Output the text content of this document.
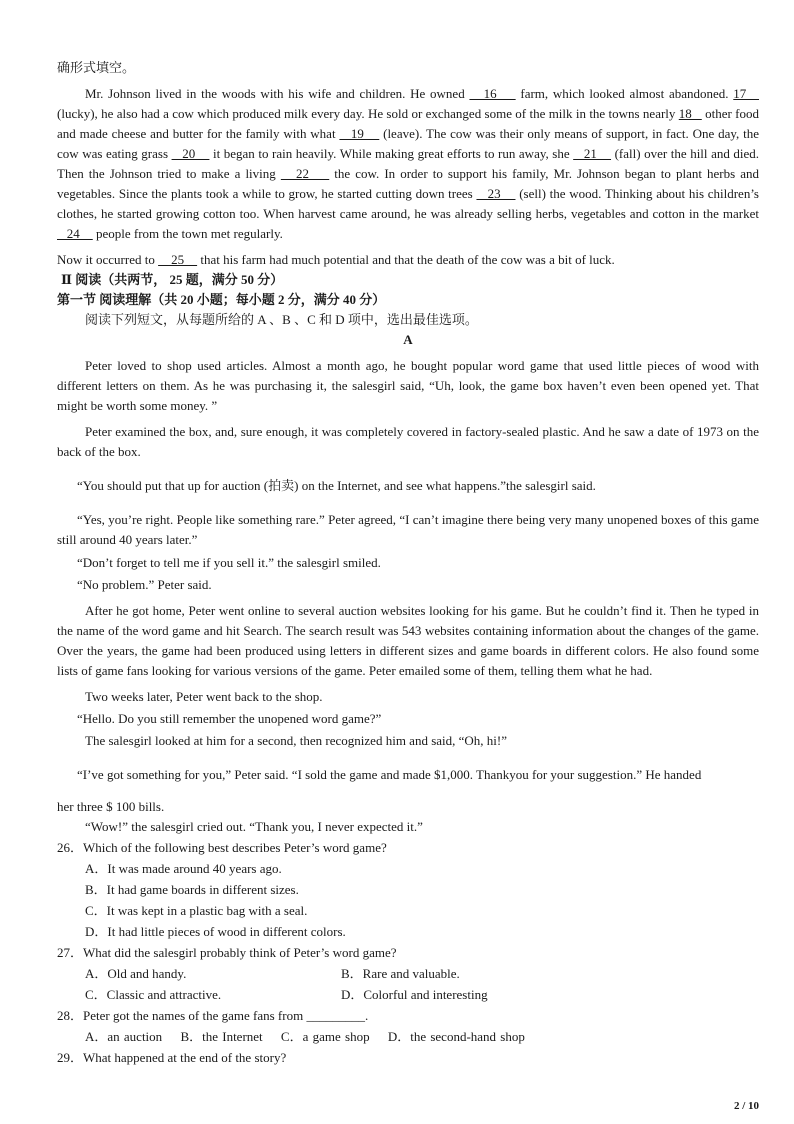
确形式填空。
Mr. Johnson lived in the woods with his wife and children. He owned    16     farm, which looked almost abandoned. 17    (lucky), he also had a cow which produced milk every day. He sold or exchanged some of the milk in the towns nearly 18    other food and made cheese and butter for the family with what    19     (leave). The cow was their only means of support, in fact. One day, the cow was eating grass    20     it began to rain heavily. While making great efforts to run away, she    21     (fall) over the hill and died. Then the Johnson tried to make a living    22     the cow. In order to support his family, Mr. Johnson began to plant herbs and vegetables. Since the plants took a while to grow, he started cutting down trees    23     (sell) the wood. Thinking about his children’s clothes, he started growing cotton too. When harvest came around, he was already selling herbs, vegetables and cotton in the market    24     people from the town met regularly.
Now it occurred to     25     that his farm had much potential and that the death of the cow was a bit of luck.
Ⅱ 阅读（共两节， 25 题，满分 50 分）
第一节 阅读理解（共 20 小题；每小题 2 分，满分 40 分）
阅读下列短文，从每题所给的 A 、B 、C 和 D 项中，选出最佳选项。
A
Peter loved to shop used articles. Almost a month ago, he bought popular word game that used little pieces of wood with different letters on them. As he was purchasing it, the salesgirl said, “Uh, look, the game box haven’t even been opened yet. That might be worth some money. ”
Peter examined the box, and, sure enough, it was completely covered in factory-sealed plastic. And he saw a date of 1973 on the back of the box.
“You should put that up for auction (拍卖) on the Internet, and see what happens.”the salesgirl said.
“Yes, you’re right. People like something rare.” Peter agreed, “I can’t imagine there being very many unopened boxes of this game still around 40 years later.”
“Don’t forget to tell me if you sell it.” the salesgirl smiled.
“No problem.” Peter said.
After he got home, Peter went online to several auction websites looking for his game. But he couldn’t find it. Then he typed in the name of the word game and hit Search. The search result was 543 websites containing information about the changes of the game. Over the years, the game had been produced using letters in different sizes and game boards in different colors. He also found some lists of game fans looking for various versions of the game. Peter emailed some of them, telling them what he had.
Two weeks later, Peter went back to the shop.
“Hello. Do you still remember the unopened word game?”
The salesgirl looked at him for a second, then recognized him and said, “Oh, hi!”
“I’ve got something for you,” Peter said. “I sold the game and made $1,000. Thankyou for your suggestion.” He handed
her three $ 100 bills.
“Wow!” the salesgirl cried out. “Thank you, I never expected it.”
26．Which of the following best describes Peter’s word game?
A．It was made around 40 years ago.
B．It had game boards in different sizes.
C．It was kept in a plastic bag with a seal.
D．It had little pieces of wood in different colors.
27．What did the salesgirl probably think of Peter’s word game?
A．Old and handy.	B．Rare and valuable.
C．Classic and attractive.	D．Colorful and interesting
28．Peter got the names of the game fans from _________.
A．an auction B．the Internet C．a game shop D．the second-hand shop
29．What happened at the end of the story?
2 / 10
